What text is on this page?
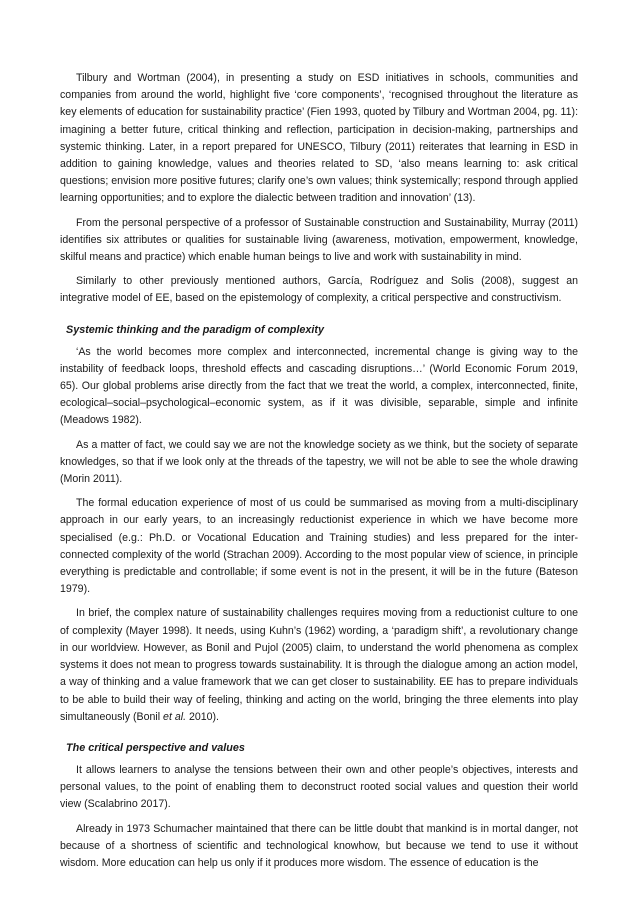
Tilbury and Wortman (2004), in presenting a study on ESD initiatives in schools, communities and companies from around the world, highlight five ‘core components’, ‘recognised throughout the literature as key elements of education for sustainability practice’ (Fien 1993, quoted by Tilbury and Wortman 2004, pg. 11): imagining a better future, critical thinking and reflection, participation in decision-making, partnerships and systemic thinking. Later, in a report prepared for UNESCO, Tilbury (2011) reiterates that learning in ESD in addition to gaining knowledge, values and theories related to SD, ‘also means learning to: ask critical questions; envision more positive futures; clarify one’s own values; think systemically; respond through applied learning opportunities; and to explore the dialectic between tradition and innovation’ (13).

From the personal perspective of a professor of Sustainable construction and Sustainability, Murray (2011) identifies six attributes or qualities for sustainable living (awareness, motivation, empowerment, knowledge, skilful means and practice) which enable human beings to live and work with sustainability in mind.

Similarly to other previously mentioned authors, García, Rodríguez and Solis (2008), suggest an integrative model of EE, based on the epistemology of complexity, a critical perspective and constructivism.

Systemic thinking and the paradigm of complexity

‘As the world becomes more complex and interconnected, incremental change is giving way to the instability of feedback loops, threshold effects and cascading disruptions…’ (World Economic Forum 2019, 65). Our global problems arise directly from the fact that we treat the world, a complex, interconnected, finite, ecological–social–psychological–economic system, as if it was divisible, separable, simple and infinite (Meadows 1982).

As a matter of fact, we could say we are not the knowledge society as we think, but the society of separate knowledges, so that if we look only at the threads of the tapestry, we will not be able to see the whole drawing (Morin 2011).

The formal education experience of most of us could be summarised as moving from a multi-disciplinary approach in our early years, to an increasingly reductionist experience in which we have become more specialised (e.g.: Ph.D. or Vocational Education and Training studies) and less prepared for the inter-connected complexity of the world (Strachan 2009). According to the most popular view of science, in principle everything is predictable and controllable; if some event is not in the present, it will be in the future (Bateson 1979).

In brief, the complex nature of sustainability challenges requires moving from a reductionist culture to one of complexity (Mayer 1998). It needs, using Kuhn’s (1962) wording, a ‘paradigm shift’, a revolutionary change in our worldview. However, as Bonil and Pujol (2005) claim, to understand the world phenomena as complex systems it does not mean to progress towards sustainability. It is through the dialogue among an action model, a way of thinking and a value framework that we can get closer to sustainability. EE has to prepare individuals to be able to build their way of feeling, thinking and acting on the world, bringing the three elements into play simultaneously (Bonil et al. 2010).

The critical perspective and values

It allows learners to analyse the tensions between their own and other people’s objectives, interests and personal values, to the point of enabling them to deconstruct rooted social values and question their world view (Scalabrino 2017).

Already in 1973 Schumacher maintained that there can be little doubt that mankind is in mortal danger, not because of a shortness of scientific and technological knowhow, but because we tend to use it without wisdom. More education can help us only if it produces more wisdom. The essence of education is the
